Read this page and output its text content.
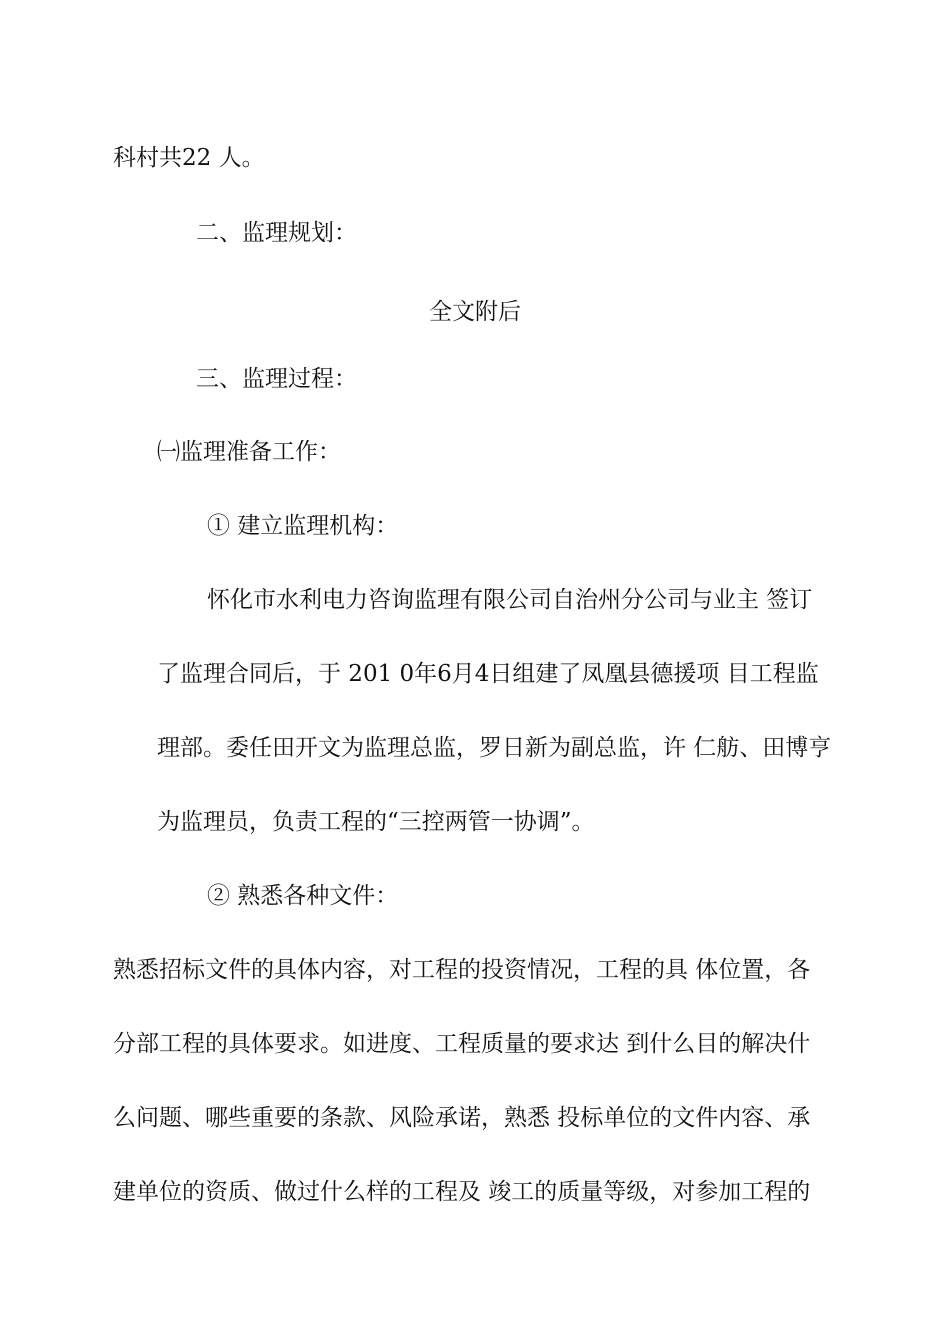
科村共22 人。

二、监理规划：

全文附后

三、监理过程：

㈠监理准备工作：

① 建立监理机构：

怀化市水利电力咨询监理有限公司自治州分公司与业主 签订

了监理合同后，于 201 0年6月4日组建了凤凰县德援项 目工程监

理部。委任田开文为监理总监，罗日新为副总监，许 仁舫、田博亨

为监理员，负责工程的“三控两管一协调”。

② 熟悉各种文件：

熟悉招标文件的具体内容，对工程的投资情况，工程的具 体位置，各

分部工程的具体要求。如进度、工程质量的要求达 到什么目的解决什

么问题、哪些重要的条款、风险承诺，熟悉 投标单位的文件内容、承

建单位的资质、做过什么样的工程及 竣工的质量等级，对参加工程的
